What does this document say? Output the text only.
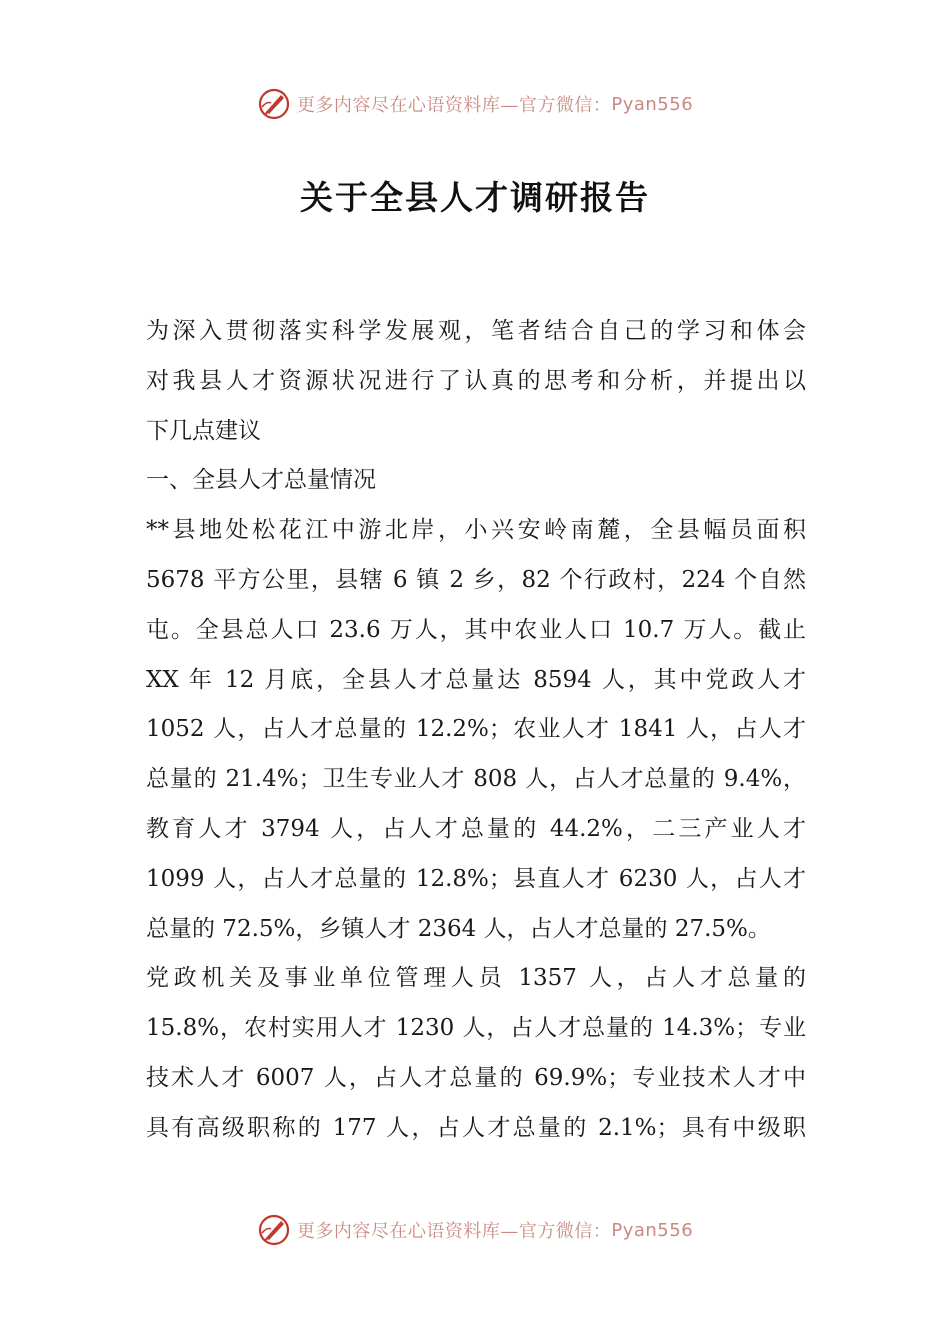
更多内容尽在心语资料库—官方微信： Pyan556
关于全县人才调研报告
为深入贯彻落实科学发展观，笔者结合自己的学习和体会
对我县人才资源状况进行了认真的思考和分析，并提出以
下几点建议
一、全县人才总量情况
**县地处松花江中游北岸，小兴安岭南麓，全县幅员面积
5678 平方公里，县辖 6 镇 2 乡，82 个行政村，224 个自然
屯。全县总人口 23.6 万人，其中农业人口 10.7 万人。截止
XX 年 12 月底，全县人才总量达 8594 人，其中党政人才
1052 人，占人才总量的 12.2%；农业人才 1841 人，占人才
总量的 21.4%；卫生专业人才 808 人，占人才总量的 9.4%，
教育人才 3794 人，占人才总量的 44.2%，二三产业人才
1099 人，占人才总量的 12.8%；县直人才 6230 人，占人才
总量的 72.5%，乡镇人才 2364 人，占人才总量的 27.5%。
党政机关及事业单位管理人员 1357 人，占人才总量的
15.8%，农村实用人才 1230 人，占人才总量的 14.3%；专业
技术人才 6007 人，占人才总量的 69.9%；专业技术人才中
具有高级职称的 177 人，占人才总量的 2.1%；具有中级职
更多内容尽在心语资料库—官方微信： Pyan556
